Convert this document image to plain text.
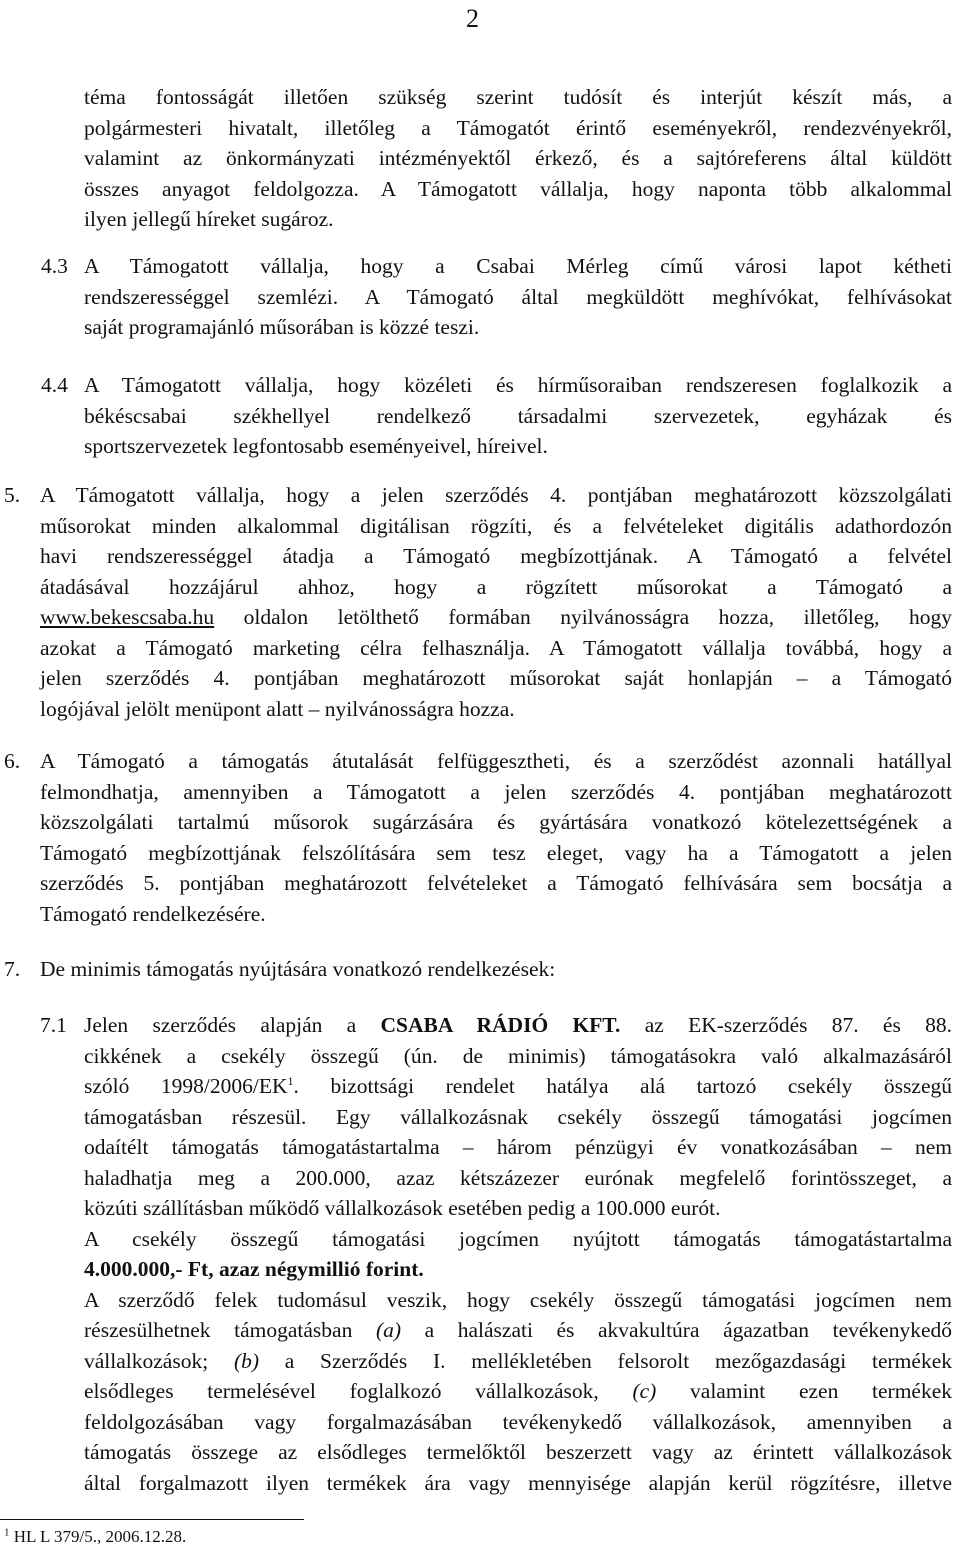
2
téma fontosságát illetően szükség szerint tudósít és interjút készít más, a
polgármesteri hivatalt, illetőleg a Támogatót érintő eseményekről, rendezvényekről,
valamint az önkormányzati intézményektől érkező, és a sajtóreferens által küldött
összes anyagot feldolgozza. A Támogatott vállalja, hogy naponta több alkalommal
ilyen jellegű híreket sugároz.
4.3 A Támogatott vállalja, hogy a Csabai Mérleg című városi lapot kétheti
rendszerességgel szemlézi. A Támogató által megküldött meghívókat, felhívásokat
saját programajánló műsorában is közzé teszi.
4.4 A Támogatott vállalja, hogy közéleti és hírműsoraiban rendszeresen foglalkozik a
békéscsabai székhellyel rendelkező társadalmi szervezetek, egyházak és
sportszervezetek legfontosabb eseményeivel, híreivel.
5. A Támogatott vállalja, hogy a jelen szerződés 4. pontjában meghatározott közszolgálati
műsorokat minden alkalommal digitálisan rögzíti, és a felvételeket digitális adathordozón
havi rendszerességgel átadja a Támogató megbízottjának. A Támogató a felvétel
átadásával hozzájárul ahhoz, hogy a rögzített műsorokat a Támogató a
www.bekescsaba.hu oldalon letölthető formában nyilvánosságra hozza, illetőleg, hogy
azokat a Támogató marketing célra felhasználja. A Támogatott vállalja továbbá, hogy a
jelen szerződés 4. pontjában meghatározott műsorokat saját honlapján – a Támogató
logójával jelölt menüpont alatt – nyilvánosságra hozza.
6. A Támogató a támogatás átutalását felfüggesztheti, és a szerződést azonnali hatállyal
felmondhatja, amennyiben a Támogatott a jelen szerződés 4. pontjában meghatározott
közszolgálati tartalmú műsorok sugárzására és gyártására vonatkozó kötelezettségének a
Támogató megbízottjának felszólítására sem tesz eleget, vagy ha a Támogatott a jelen
szerződés 5. pontjában meghatározott felvételeket a Támogató felhívására sem bocsátja a
Támogató rendelkezésére.
7. De minimis támogatás nyújtására vonatkozó rendelkezések:
7.1 Jelen szerződés alapján a CSABA RÁDIÓ KFT. az EK-szerződés 87. és 88.
cikkének a csekély összegű (ún. de minimis) támogatásokra való alkalmazásáról
szóló $1998/2006/EK^1$. bizottsági rendelet hatálya alá tartozó csekély összegű
támogatásban részesül. Egy vállalkozásnak csekély összegű támogatási jogcímen
odaítélt támogatás támogatástartalma – három pénzügyi év vonatkozásában – nem
haladhatja meg a 200.000, azaz kétszázezer eurónak megfelelő forintösszeget, a
közúti szállításban működő vállalkozások esetében pedig a 100.000 eurót.
A csekély összegű támogatási jogcímen nyújtott támogatás támogatástartalma
4.000.000,- Ft, azaz négymillió forint.
A szerződő felek tudomásul veszik, hogy csekély összegű támogatási jogcímen nem
részesülhetnek támogatásban (a) a halászati és akvakultúra ágazatban tevékenykedő
vállalkozások; (b) a Szerződés I. mellékletében felsorolt mezőgazdasági termékek
elsődleges termelésével foglalkozó vállalkozások, (c) valamint ezen termékek
feldolgozásában vagy forgalmazásában tevékenykedő vállalkozások, amennyiben a
támogatás összege az elsődleges termelőktől beszerzett vagy az érintett vállalkozások
által forgalmazott ilyen termékek ára vagy mennyisége alapján kerül rögzítésre, illetve
$^1$ HL L 379/5., 2006.12.28.
